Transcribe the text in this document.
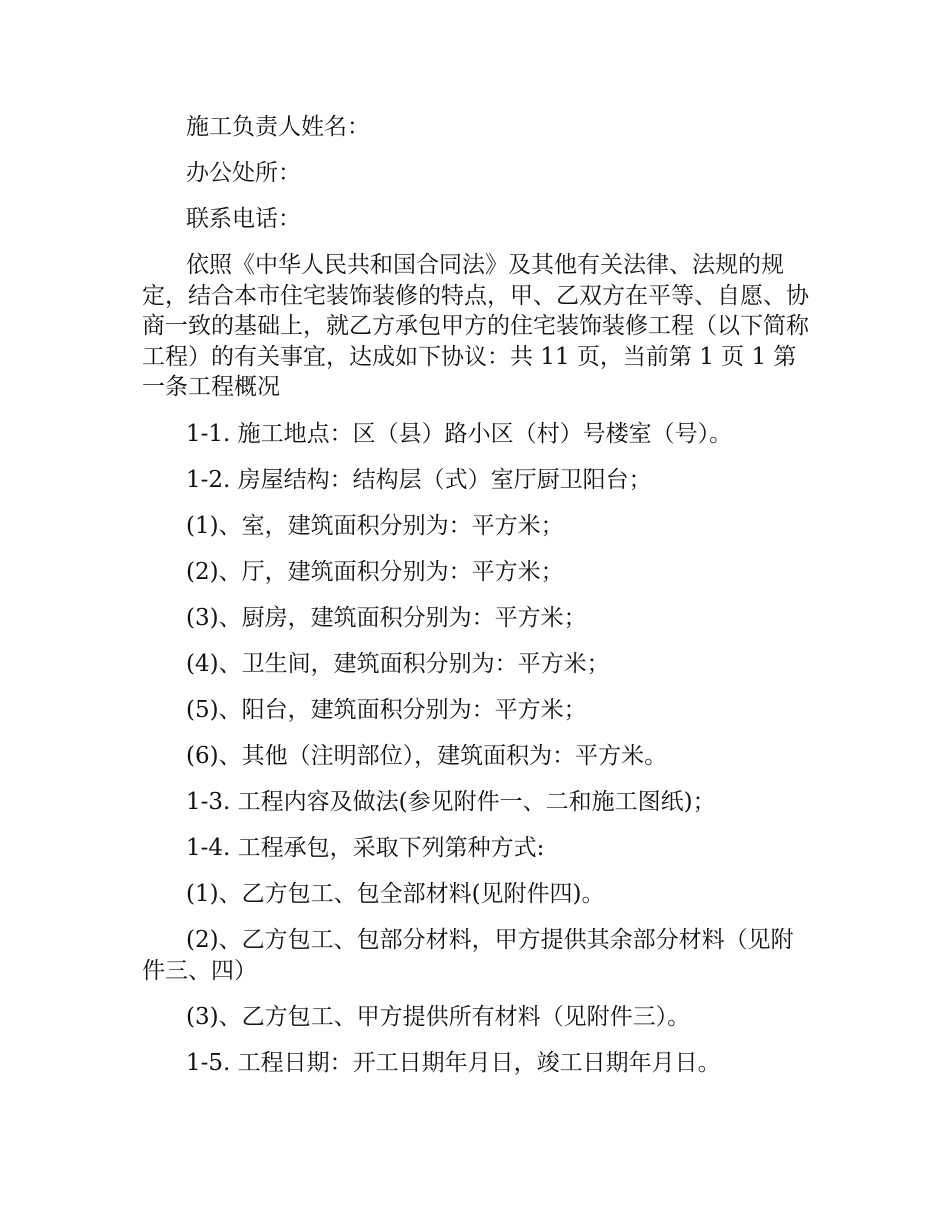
施工负责人姓名：

办公处所：

联系电话：

依照《中华人民共和国合同法》及其他有关法律、法规的规定，结合本市住宅装饰装修的特点，甲、乙双方在平等、自愿、协商一致的基础上，就乙方承包甲方的住宅装饰装修工程（以下简称工程）的有关事宜，达成如下协议：共 11 页，当前第 1 页 1 第一条工程概况

1-1. 施工地点：区（县）路小区（村）号楼室（号）。

1-2. 房屋结构：结构层（式）室厅厨卫阳台；

(1)、室，建筑面积分别为：平方米；

(2)、厅，建筑面积分别为：平方米；

(3)、厨房，建筑面积分别为：平方米；

(4)、卫生间，建筑面积分别为：平方米；

(5)、阳台，建筑面积分别为：平方米；

(6)、其他（注明部位），建筑面积为：平方米。

1-3. 工程内容及做法(参见附件一、二和施工图纸)；

1-4. 工程承包，采取下列第种方式:

(1)、乙方包工、包全部材料(见附件四)。

(2)、乙方包工、包部分材料，甲方提供其余部分材料（见附件三、四）

(3)、乙方包工、甲方提供所有材料（见附件三）。

1-5. 工程日期：开工日期年月日，竣工日期年月日。
